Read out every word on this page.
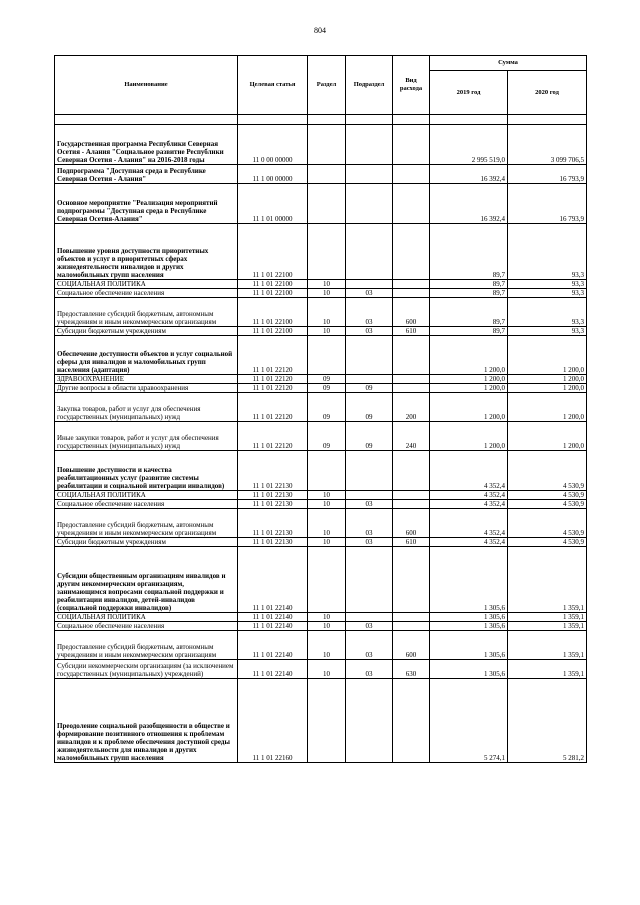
804
Наименование	Целевая статья	Раздел	Подраздел	Вид расхода	Сумма	
					2019 год	2020 год

Государственная программа Республики Северная Осетия - Алания "Социальное развитие Республики Северная Осетия - Алания" на 2016-2018 годы	11 0 00 00000				2 995 519,0	3 099 706,5
Подпрограмма "Доступная среда в Республике Северная Осетия - Алания"	11 1 00 00000				16 392,4	16 793,9
Основное мероприятие "Реализация мероприятий подпрограммы "Доступная среда в Республике Северная Осетия-Алания"	11 1 01 00000				16 392,4	16 793,9
Повышение уровня доступности приоритетных объектов и услуг в приоритетных сферах жизнедеятельности инвалидов и других маломобильных групп населения	11 1 01 22100				89,7	93,3
СОЦИАЛЬНАЯ ПОЛИТИКА	11 1 01 22100	10			89,7	93,3
Социальное обеспечение населения	11 1 01 22100	10	03		89,7	93,3
Предоставление субсидий бюджетным, автономным учреждениям и иным некоммерческим организациям	11 1 01 22100	10	03	600	89,7	93,3
Субсидии бюджетным учреждениям	11 1 01 22100	10	03	610	89,7	93,3
Обеспечение доступности объектов и услуг социальной сферы для инвалидов и маломобильных групп населения (адаптация)	11 1 01 22120				1 200,0	1 200,0
ЗДРАВООХРАНЕНИЕ	11 1 01 22120	09			1 200,0	1 200,0
Другие вопросы в области здравоохранения	11 1 01 22120	09	09		1 200,0	1 200,0
Закупка товаров, работ и услуг для обеспечения государственных (муниципальных) нужд	11 1 01 22120	09	09	200	1 200,0	1 200,0
Иные закупки товаров, работ и услуг для обеспечения государственных (муниципальных) нужд	11 1 01 22120	09	09	240	1 200,0	1 200,0
Повышение доступности и качества реабилитационных услуг (развитие системы реабилитации и социальной интеграции инвалидов)	11 1 01 22130				4 352,4	4 530,9
СОЦИАЛЬНАЯ ПОЛИТИКА	11 1 01 22130	10			4 352,4	4 530,9
Социальное обеспечение населения	11 1 01 22130	10	03		4 352,4	4 530,9
Предоставление субсидий бюджетным, автономным учреждениям и иным некоммерческим организациям	11 1 01 22130	10	03	600	4 352,4	4 530,9
Субсидии бюджетным учреждениям	11 1 01 22130	10	03	610	4 352,4	4 530,9
Субсидии общественным организациям инвалидов и другим некоммерческим организациям, занимающимся вопросами социальной поддержки и реабилитации инвалидов, детей-инвалидов (социальной поддержки инвалидов)	11 1 01 22140				1 305,6	1 359,1
СОЦИАЛЬНАЯ ПОЛИТИКА	11 1 01 22140	10			1 305,6	1 359,1
Социальное обеспечение населения	11 1 01 22140	10	03		1 305,6	1 359,1
Предоставление субсидий бюджетным, автономным учреждениям и иным некоммерческим организациям	11 1 01 22140	10	03	600	1 305,6	1 359,1
Субсидии некоммерческим организациям (за исключением государственных (муниципальных) учреждений)	11 1 01 22140	10	03	630	1 305,6	1 359,1
Преодоление социальной разобщенности в обществе и формирование позитивного отношения к проблемам инвалидов и к проблеме обеспечения доступной среды жизнедеятельности для инвалидов и других маломобильных групп населения	11 1 01 22160				5 274,1	5 281,2
